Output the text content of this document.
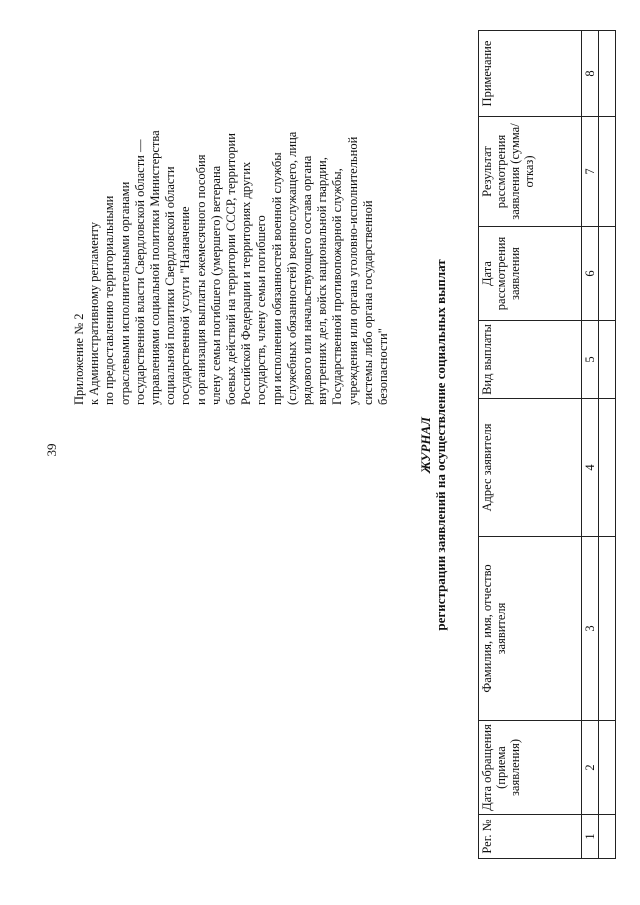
39
Приложение № 2 к Административному регламенту по предоставлению территориальными отраслевыми исполнительными органами государственной власти Свердловской области — управлениями социальной политики Министерства социальной политики Свердловской области государственной услуги "Назначение и организация выплаты ежемесячного пособия члену семьи погибшего (умершего) ветерана боевых действий на территории СССР, территории Российской Федерации и территориях других государств, члену семьи погибшего при исполнении обязанностей военной службы (служебных обязанностей) военнослужащего, лица рядового или начальствующего состава органа внутренних дел, войск национальной гвардии, Государственной противопожарной службы, учреждения или органа уголовно-исполнительной системы либо органа государственной безопасности"
ЖУРНАЛ регистрации заявлений на осуществление социальных выплат
Рег. №	Дата обращения (приема заявления)	Фамилия, имя, отчество заявителя	Адрес заявителя	Вид выплаты	Дата рассмотрения заявления	Результат рассмотрения заявления (сумма/отказ)	Примечание
1	2	3	4	5	6	7	8
